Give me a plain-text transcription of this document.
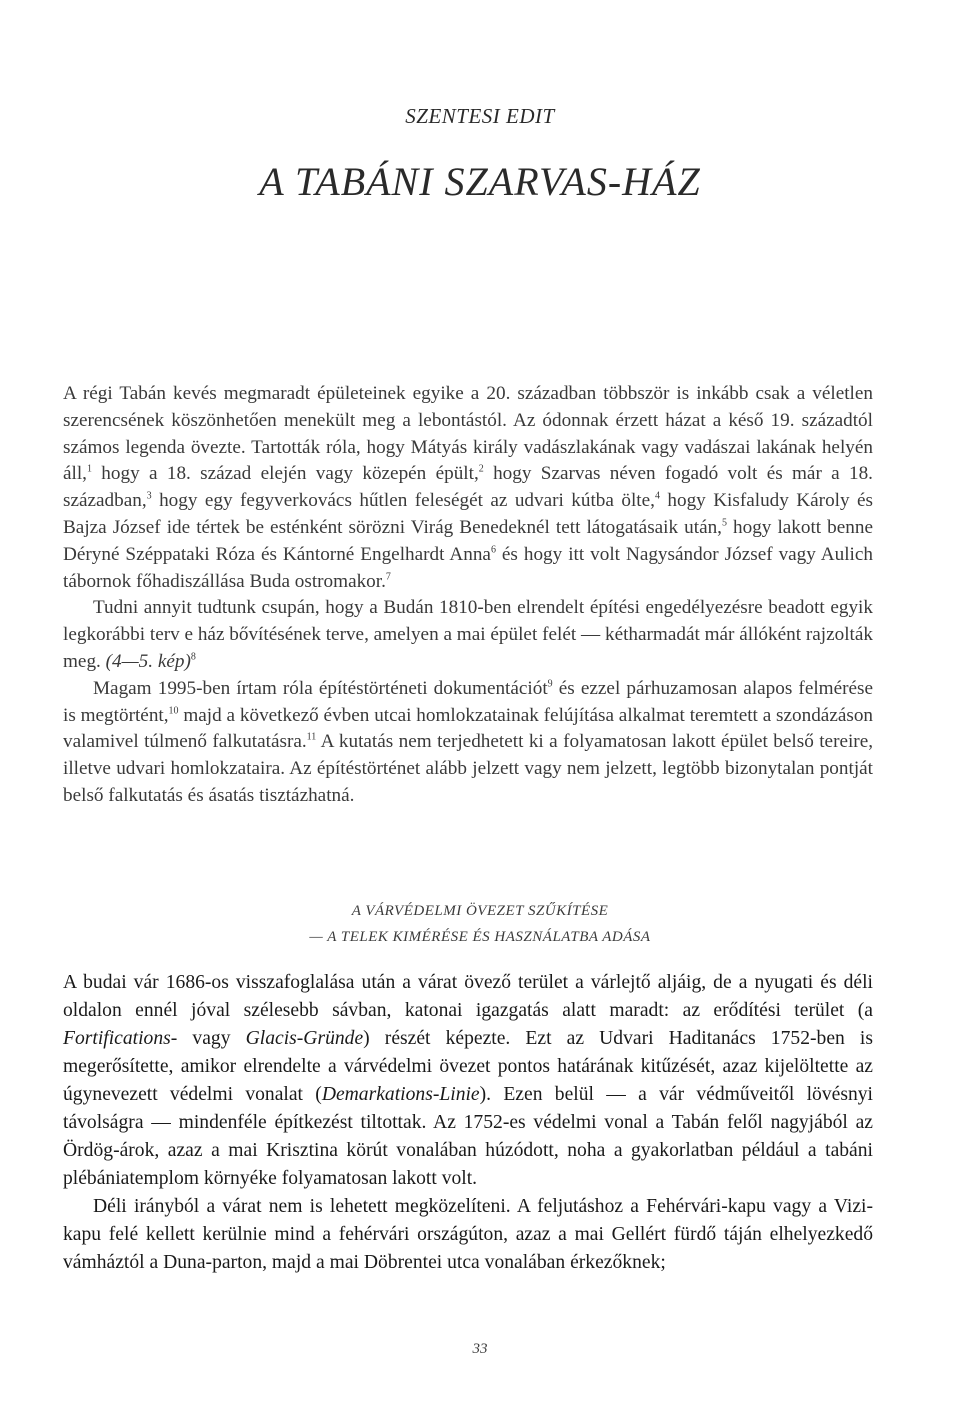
SZENTESI EDIT
A TABÁNI SZARVAS-HÁZ

A régi Tabán kevés megmaradt épületeinek egyike a 20. században többször is inkább csak a véletlen szerencsének köszönhetően menekült meg a lebontástól. Az ódonnak érzett házat a késő 19. századtól számos legenda övezte. Tartották róla, hogy Mátyás király vadászlakának vagy vadászai lakának helyén áll,$^1$ hogy a 18. század elején vagy közepén épült,$^2$ hogy Szarvas néven fogadó volt és már a 18. században,$^3$ hogy egy fegyverkovács hűtlen feleségét az udvari kútba ölte,$^4$ hogy Kisfaludy Károly és Bajza József ide tértek be esténként sörözni Virág Benedeknél tett látogatásaik után,$^5$ hogy lakott benne Déryné Széppataki Róza és Kántorné Engelhardt Anna$^6$ és hogy itt volt Nagysándor József vagy Aulich tábornok főhadiszállása Buda ostromakor.$^7$

Tudni annyit tudtunk csupán, hogy a Budán 1810-ben elrendelt építési engedélyezésre beadott egyik legkorábbi terv e ház bővítésének terve, amelyen a mai épület felét — kétharmadát már állóként rajzolták meg. (4—5. kép)$^8$

Magam 1995-ben írtam róla építéstörténeti dokumentációt$^9$ és ezzel párhuzamosan alapos felmérése is megtörtént,$^{10}$ majd a következő évben utcai homlokzatainak felújítása alkalmat teremtett a szondázáson valamivel túlmenő falkutatásra.$^{11}$ A kutatás nem terjedhetett ki a folyamatosan lakott épület belső tereire, illetve udvari homlokzataira. Az építéstörténet alább jelzett vagy nem jelzett, legtöbb bizonytalan pontját belső falkutatás és ásatás tisztázhatná.

A VÁRVÉDELMI ÖVEZET SZŰKÍTÉSE
— A TELEK KIMÉRÉSE ÉS HASZNÁLATBA ADÁSA

A budai vár 1686-os visszafoglalása után a várat övező terület a várlejtő aljáig, de a nyugati és déli oldalon ennél jóval szélesebb sávban, katonai igazgatás alatt maradt: az erődítési terület (a Fortifications- vagy Glacis-Gründe) részét képezte. Ezt az Udvari Haditanács 1752-ben is megerősítette, amikor elrendelte a várvédelmi övezet pontos határának kitűzését, azaz kijelöltette az úgynevezett védelmi vonalat (Demarkations-Linie). Ezen belül — a vár védműveitől lövésnyi távolságra — mindenféle építkezést tiltottak. Az 1752-es védelmi vonal a Tabán felől nagyjából az Ördög-árok, azaz a mai Krisztina körút vonalában húzódott, noha a gyakorlatban például a tabáni plébániatemplom környéke folyamatosan lakott volt.

Déli irányból a várat nem is lehetett megközelíteni. A feljutáshoz a Fehérvári-kapu vagy a Vizi-kapu felé kellett kerülnie mind a fehérvári országúton, azaz a mai Gellért fürdő táján elhelyezkedő vámháztól a Duna-parton, majd a mai Döbrentei utca vonalában érkezőknek;

33
